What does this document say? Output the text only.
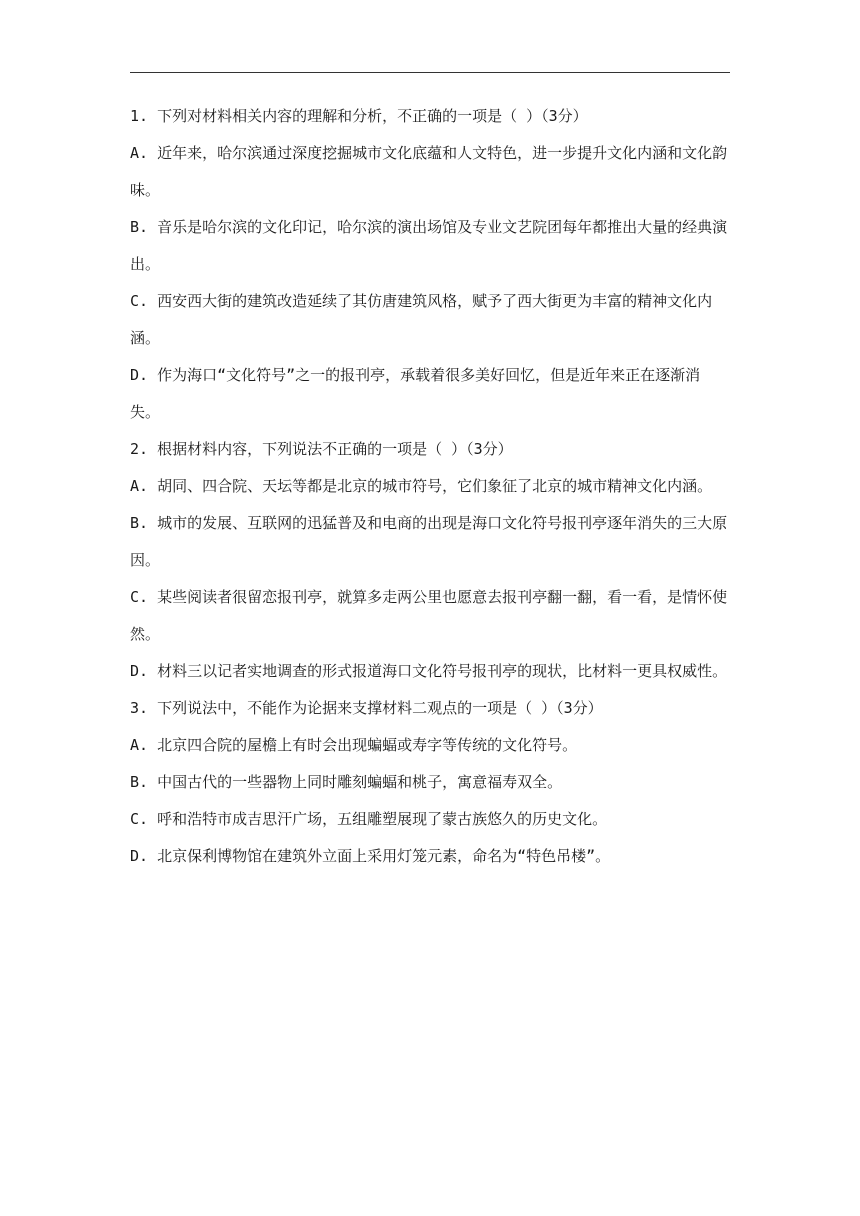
1. 下列对材料相关内容的理解和分析，不正确的一项是（ ）（3分）

A. 近年来，哈尔滨通过深度挖掘城市文化底蕴和人文特色，进一步提升文化内涵和文化韵味。

B. 音乐是哈尔滨的文化印记，哈尔滨的演出场馆及专业文艺院团每年都推出大量的经典演出。

C. 西安西大街的建筑改造延续了其仿唐建筑风格，赋予了西大街更为丰富的精神文化内涵。

D. 作为海口“文化符号”之一的报刊亭，承载着很多美好回忆，但是近年来正在逐渐消失。

2. 根据材料内容，下列说法不正确的一项是（ ）（3分）

A. 胡同、四合院、天坛等都是北京的城市符号，它们象征了北京的城市精神文化内涵。

B. 城市的发展、互联网的迅猛普及和电商的出现是海口文化符号报刊亭逐年消失的三大原因。

C. 某些阅读者很留恋报刊亭，就算多走两公里也愿意去报刊亭翻一翻，看一看，是情怀使然。

D. 材料三以记者实地调查的形式报道海口文化符号报刊亭的现状，比材料一更具权威性。

3. 下列说法中，不能作为论据来支撑材料二观点的一项是（ ）（3分）

A. 北京四合院的屋檐上有时会出现蝙蝠或寿字等传统的文化符号。

B. 中国古代的一些器物上同时雕刻蝙蝠和桃子，寓意福寿双全。

C. 呼和浩特市成吉思汗广场，五组雕塑展现了蒙古族悠久的历史文化。

D. 北京保利博物馆在建筑外立面上采用灯笼元素，命名为“特色吊楼”。
